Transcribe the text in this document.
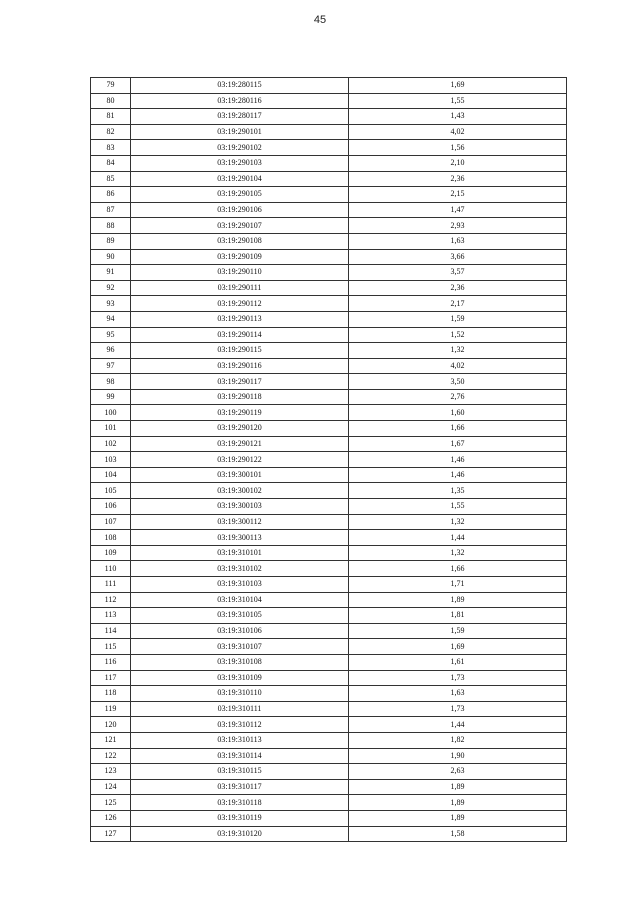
45
79	03:19:280115	1,69
80	03:19:280116	1,55
81	03:19:280117	1,43
82	03:19:290101	4,02
83	03:19:290102	1,56
84	03:19:290103	2,10
85	03:19:290104	2,36
86	03:19:290105	2,15
87	03:19:290106	1,47
88	03:19:290107	2,93
89	03:19:290108	1,63
90	03:19:290109	3,66
91	03:19:290110	3,57
92	03:19:290111	2,36
93	03:19:290112	2,17
94	03:19:290113	1,59
95	03:19:290114	1,52
96	03:19:290115	1,32
97	03:19:290116	4,02
98	03:19:290117	3,50
99	03:19:290118	2,76
100	03:19:290119	1,60
101	03:19:290120	1,66
102	03:19:290121	1,67
103	03:19:290122	1,46
104	03:19:300101	1,46
105	03:19:300102	1,35
106	03:19:300103	1,55
107	03:19:300112	1,32
108	03:19:300113	1,44
109	03:19:310101	1,32
110	03:19:310102	1,66
111	03:19:310103	1,71
112	03:19:310104	1,89
113	03:19:310105	1,81
114	03:19:310106	1,59
115	03:19:310107	1,69
116	03:19:310108	1,61
117	03:19:310109	1,73
118	03:19:310110	1,63
119	03:19:310111	1,73
120	03:19:310112	1,44
121	03:19:310113	1,82
122	03:19:310114	1,90
123	03:19:310115	2,63
124	03:19:310117	1,89
125	03:19:310118	1,89
126	03:19:310119	1,89
127	03:19:310120	1,58
